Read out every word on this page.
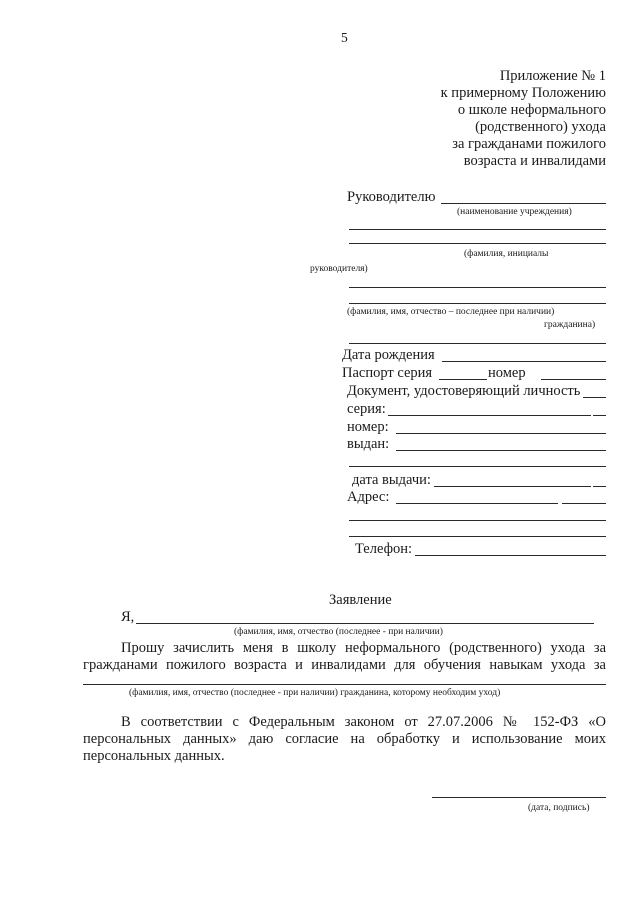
5
Приложение № 1
к примерному Положению
о школе неформального
(родственного) ухода
за гражданами пожилого
возраста и инвалидами
Руководителю
(наименование учреждения)
(фамилия, инициалы
руководителя)
(фамилия, имя, отчество – последнее при наличии)
гражданина)
Дата рождения
Паспорт серия	номер
Документ, удостоверяющий личность
серия:
номер:
выдан:
дата выдачи:
Адрес:
Телефон:
Заявление
Я,
(фамилия, имя, отчество (последнее - при наличии)
Прошу зачислить меня в школу неформального (родственного) ухода за
гражданами пожилого возраста и инвалидами для обучения навыкам ухода за
(фамилия, имя, отчество (последнее - при наличии) гражданина, которому необходим уход)
В соответствии с Федеральным законом от 27.07.2006 № 152-ФЗ «О персональных данных» даю согласие на обработку и использование моих персональных данных.
(дата, подпись)
